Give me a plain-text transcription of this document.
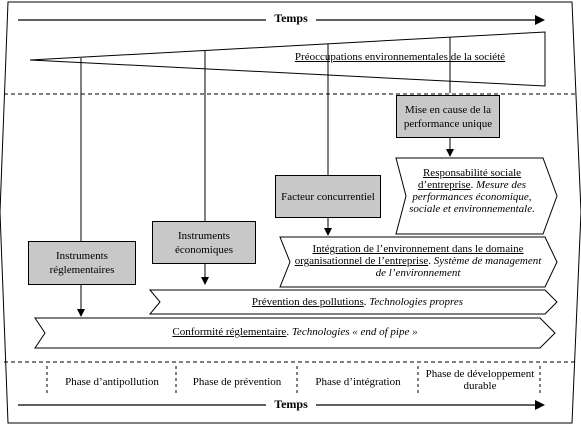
Temps
Temps
Préoccupations environnementales de la société
Mise en cause de la performance unique
Facteur concurrentiel
Instruments économiques
Instruments réglementaires
Responsabilité sociale d’entreprise. Mesure des performances économique, sociale et environnementale.
Intégration de l’environnement dans le domaine organisationnel de l’entreprise. Système de management de l’environnement
Prévention des pollutions. Technologies propres
Conformité réglementaire. Technologies « end of pipe »
Phase d’antipollution	Phase de prévention	Phase d’intégration
Phase de développement durable
